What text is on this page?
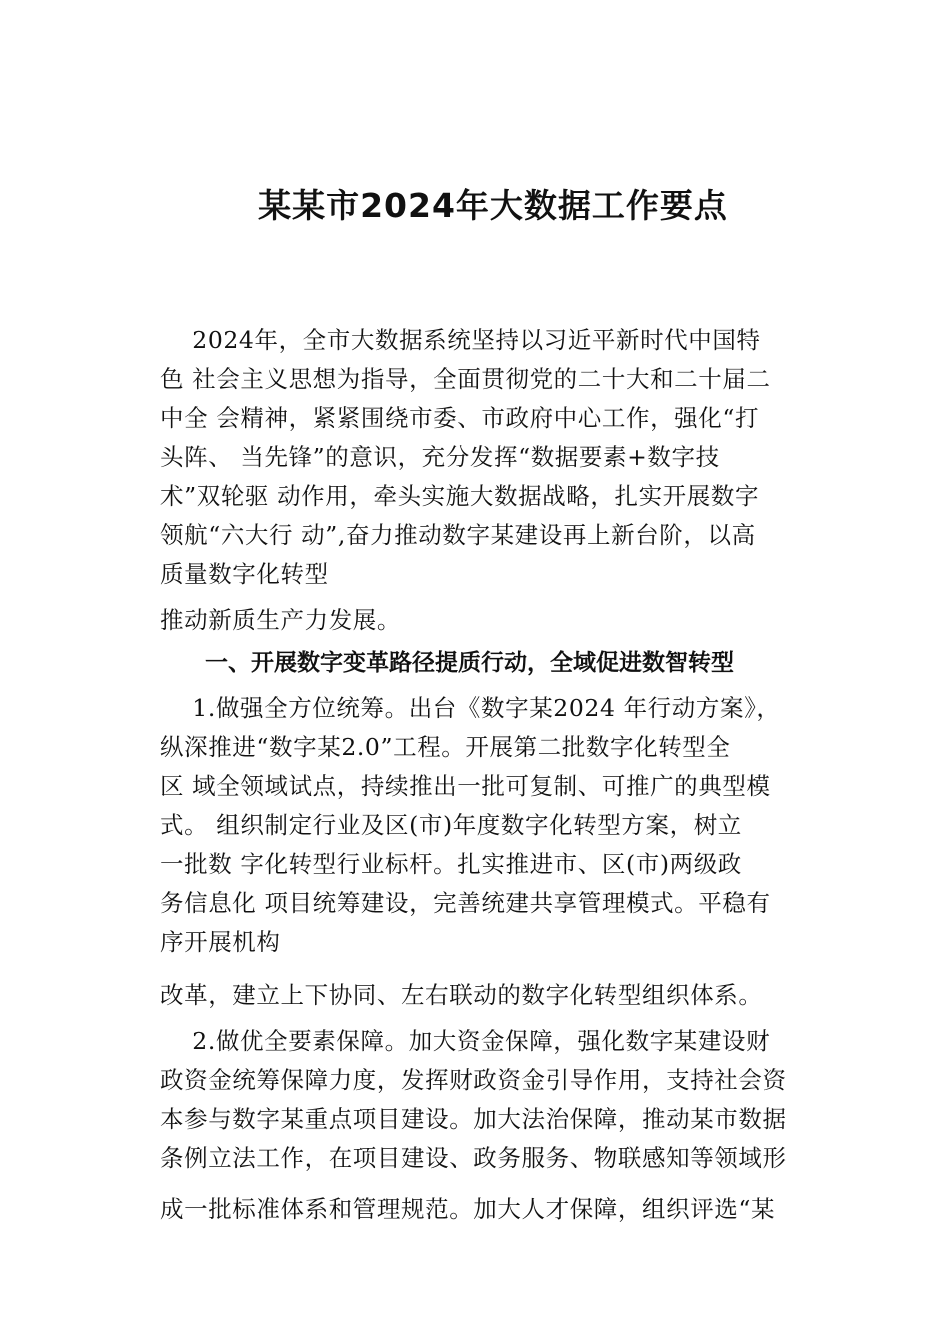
某某市2024年大数据工作要点

2024年，全市大数据系统坚持以习近平新时代中国特

色 社会主义思想为指导，全面贯彻党的二十大和二十届二

中全 会精神，紧紧围绕市委、市政府中心工作，强化“打

头阵、 当先锋”的意识，充分发挥“数据要素+数字技

术”双轮驱 动作用，牵头实施大数据战略，扎实开展数字

领航“六大行 动”,奋力推动数字某建设再上新台阶，以高

质量数字化转型

推动新质生产力发展。

一、开展数字变革路径提质行动，全域促进数智转型

1.做强全方位统筹。出台《数字某2024 年行动方案》，

纵深推进“数字某2.0”工程。开展第二批数字化转型全

区 域全领域试点，持续推出一批可复制、可推广的典型模

式。 组织制定行业及区(市)年度数字化转型方案，树立

一批数 字化转型行业标杆。扎实推进市、区(市)两级政

务信息化 项目统筹建设，完善统建共享管理模式。平稳有

序开展机构

改革，建立上下协同、左右联动的数字化转型组织体系。

2.做优全要素保障。加大资金保障，强化数字某建设财

政资金统筹保障力度，发挥财政资金引导作用，支持社会资

本参与数字某重点项目建设。加大法治保障，推动某市数据

条例立法工作，在项目建设、政务服务、物联感知等领域形

成一批标准体系和管理规范。加大人才保障，组织评选“某
